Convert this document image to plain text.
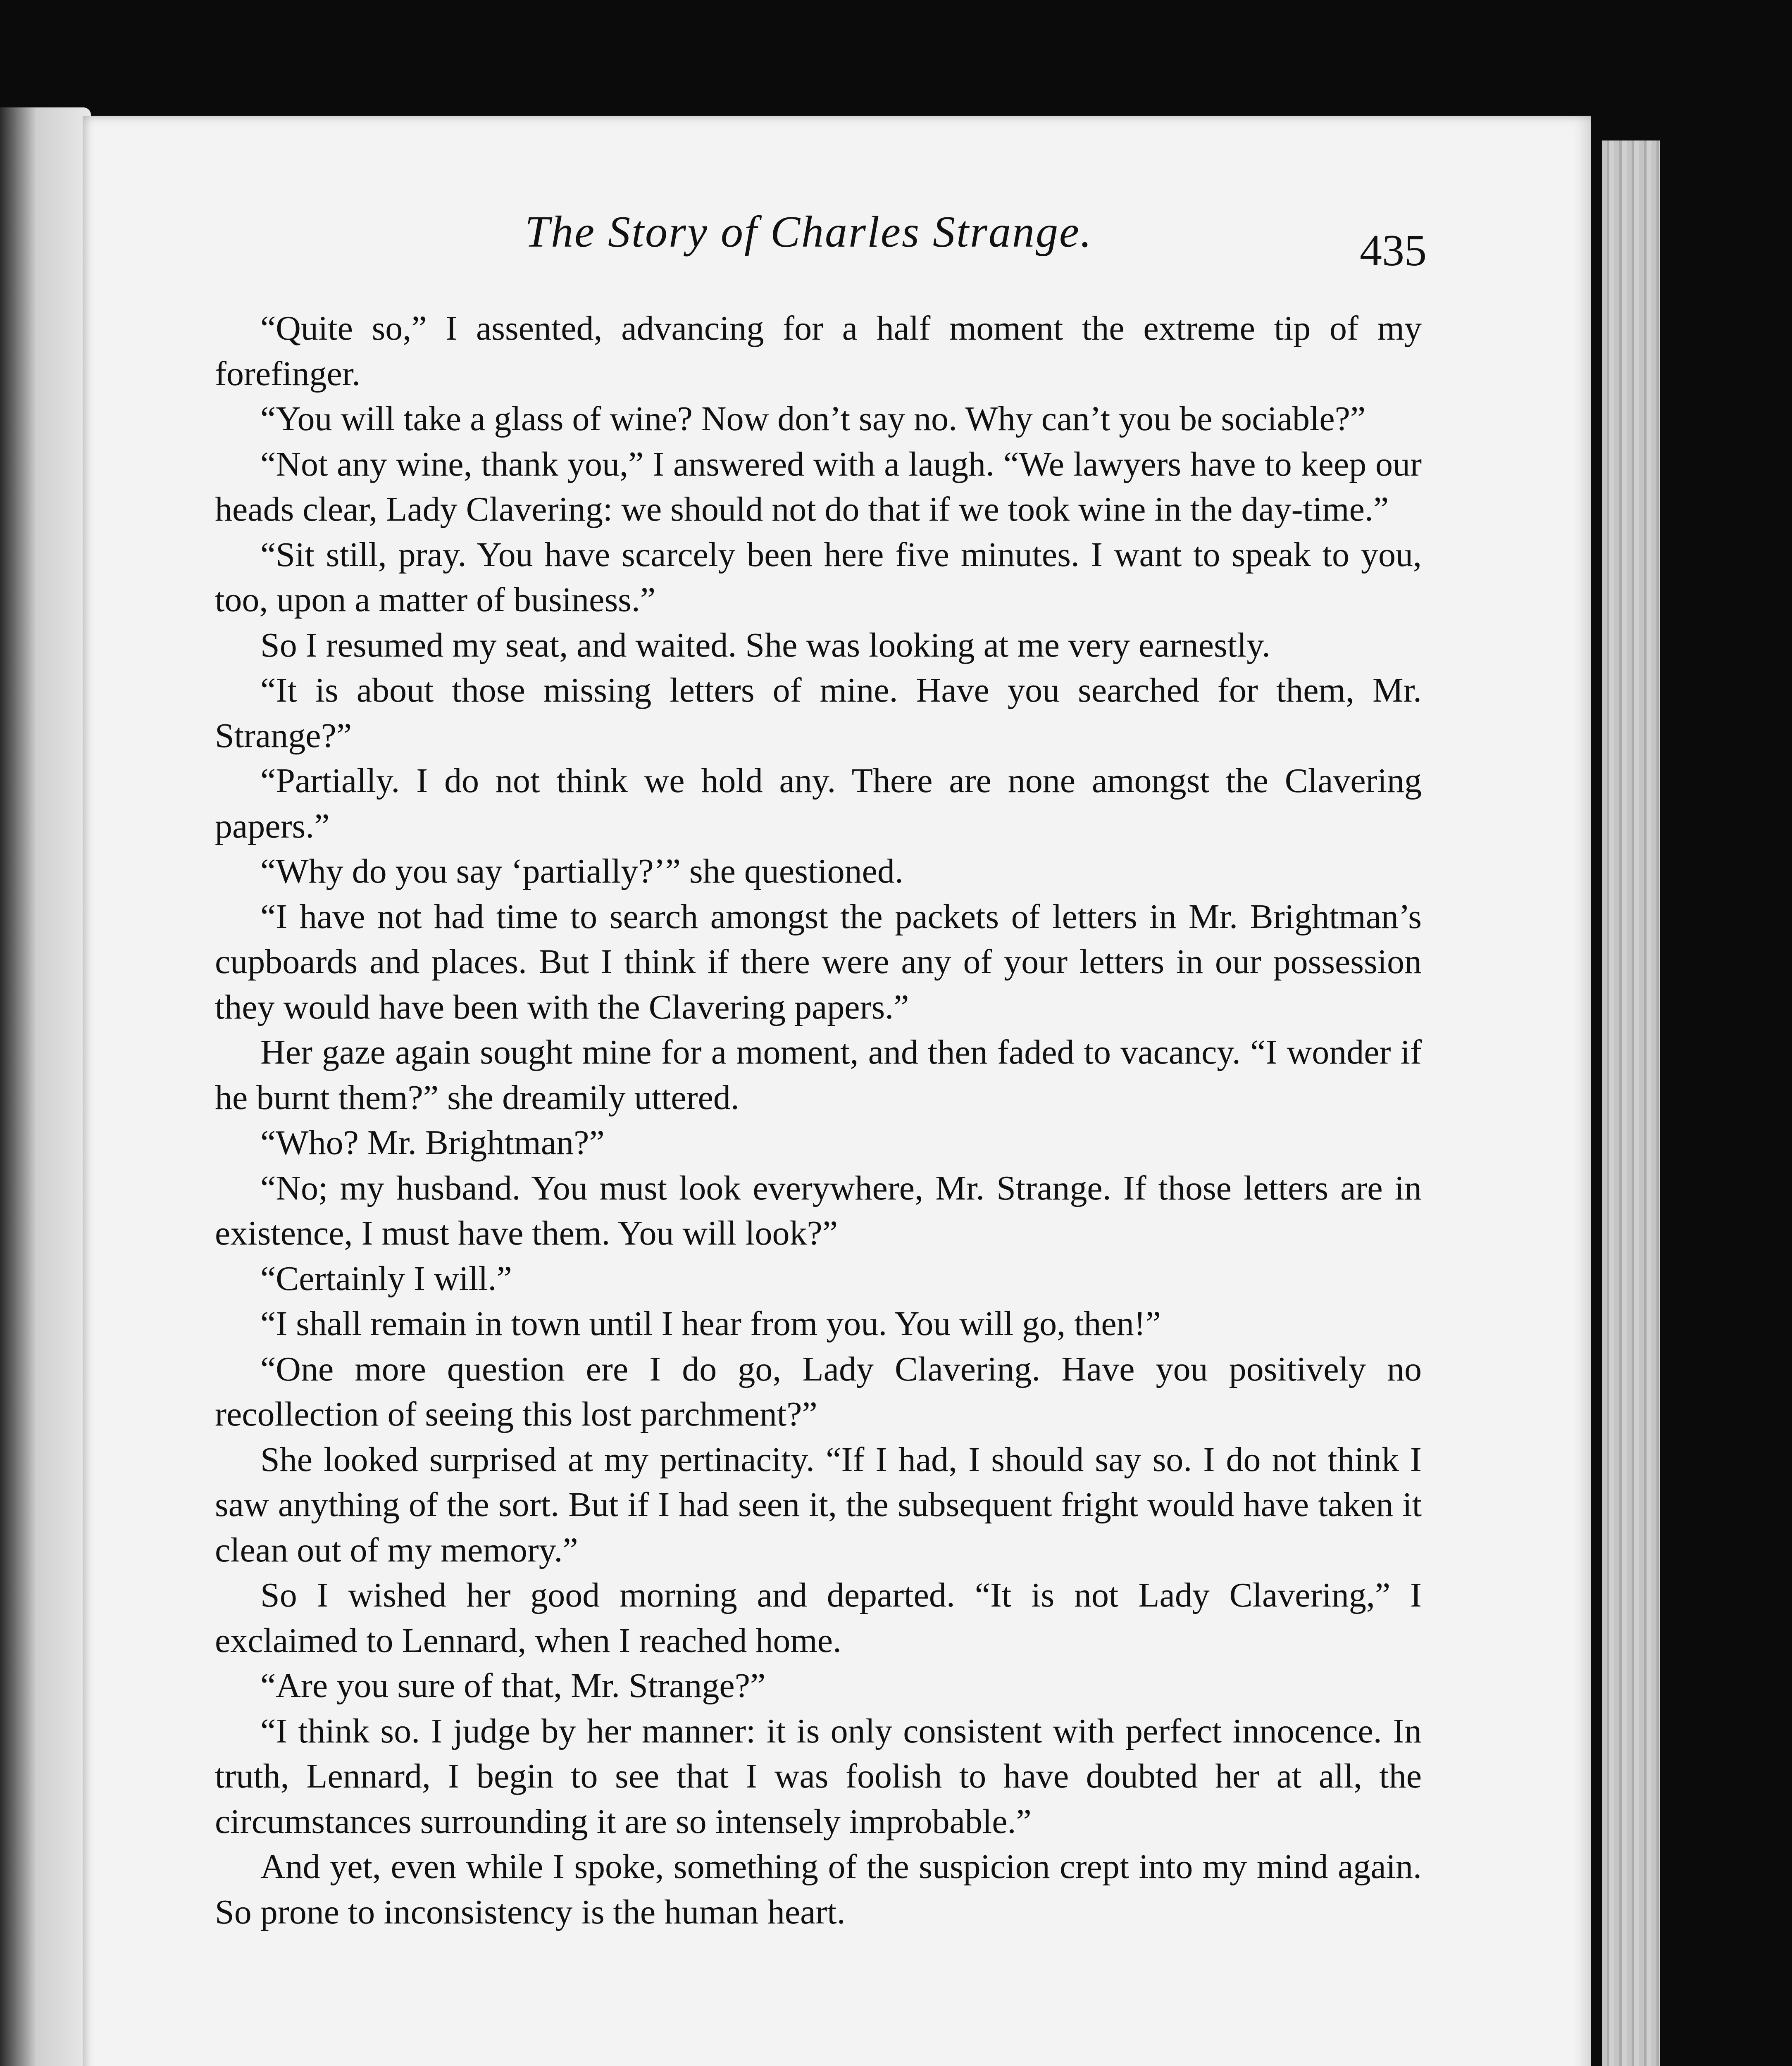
The Story of Charles Strange.	435

“Quite so,” I assented, advancing for a half moment the extreme tip of my forefinger.

“You will take a glass of wine? Now don’t say no. Why can’t you be sociable?”

“Not any wine, thank you,” I answered with a laugh. “We lawyers have to keep our heads clear, Lady Clavering: we should not do that if we took wine in the day-time.”

“Sit still, pray. You have scarcely been here five minutes. I want to speak to you, too, upon a matter of business.”

So I resumed my seat, and waited. She was looking at me very earnestly.

“It is about those missing letters of mine. Have you searched for them, Mr. Strange?”

“Partially. I do not think we hold any. There are none amongst the Clavering papers.”

“Why do you say ‘partially?’” she questioned.

“I have not had time to search amongst the packets of letters in Mr. Brightman’s cupboards and places. But I think if there were any of your letters in our possession they would have been with the Clavering papers.”

Her gaze again sought mine for a moment, and then faded to vacancy. “I wonder if he burnt them?” she dreamily uttered.

“Who? Mr. Brightman?”

“No; my husband. You must look everywhere, Mr. Strange. If those letters are in existence, I must have them. You will look?”

“Certainly I will.”

“I shall remain in town until I hear from you. You will go, then!”

“One more question ere I do go, Lady Clavering. Have you positively no recollection of seeing this lost parchment?”

She looked surprised at my pertinacity. “If I had, I should say so. I do not think I saw anything of the sort. But if I had seen it, the subsequent fright would have taken it clean out of my memory.”

So I wished her good morning and departed. “It is not Lady Clavering,” I exclaimed to Lennard, when I reached home.

“Are you sure of that, Mr. Strange?”

“I think so. I judge by her manner: it is only consistent with perfect innocence. In truth, Lennard, I begin to see that I was foolish to have doubted her at all, the circumstances surrounding it are so intensely improbable.”

And yet, even while I spoke, something of the suspicion crept into my mind again. So prone to inconsistency is the human heart.
